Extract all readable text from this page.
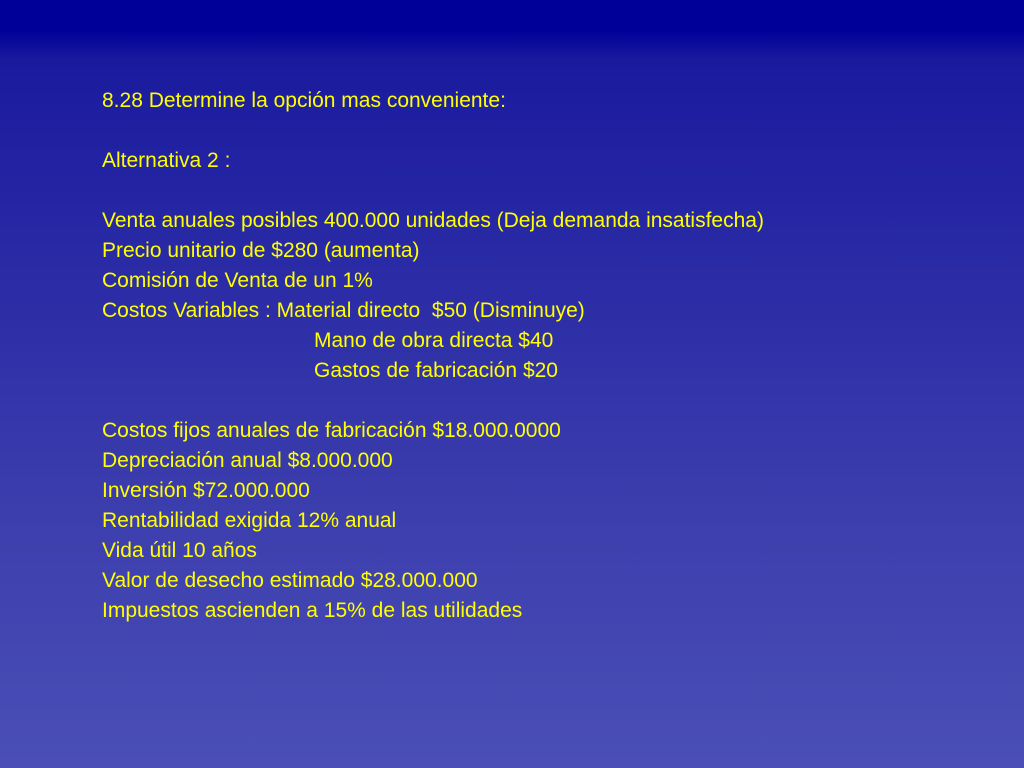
8.28 Determine la opción mas conveniente:
Alternativa 2 :
Venta anuales posibles 400.000 unidades (Deja demanda insatisfecha)
Precio unitario de $280 (aumenta)
Comisión de Venta de un 1%
Costos Variables : Material directo  $50 (Disminuye)
Mano de obra directa $40
Gastos de fabricación $20
Costos fijos anuales de fabricación $18.000.0000
Depreciación anual $8.000.000
Inversión $72.000.000
Rentabilidad exigida 12% anual
Vida útil 10 años
Valor de desecho estimado $28.000.000
Impuestos ascienden a 15% de las utilidades
